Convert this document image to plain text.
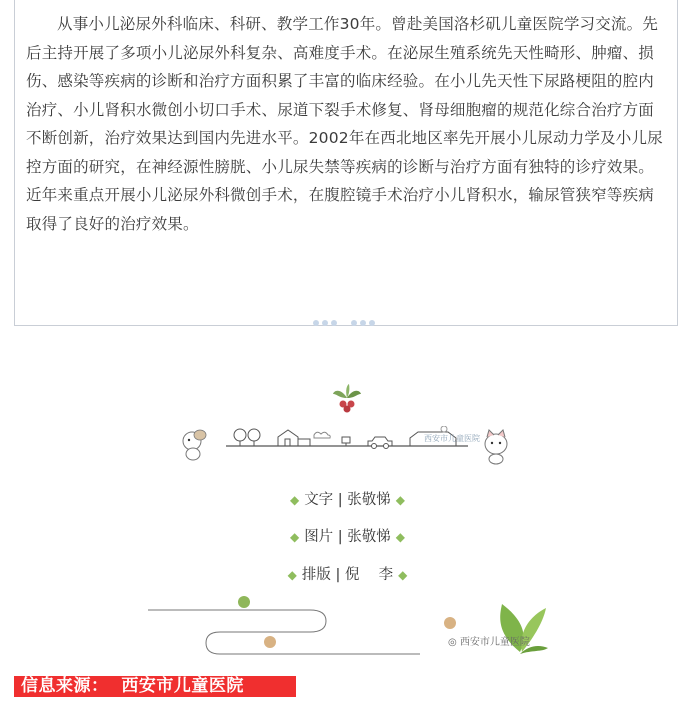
从事小儿泌尿外科临床、科研、教学工作30年。曾赴美国洛杉矶儿童医院学习交流。先后主持开展了多项小儿泌尿外科复杂、高难度手术。在泌尿生殖系统先天性畸形、肿瘤、损伤、感染等疾病的诊断和治疗方面积累了丰富的临床经验。在小儿先天性下尿路梗阻的腔内治疗、小儿肾积水微创小切口手术、尿道下裂手术修复、肾母细胞瘤的规范化综合治疗方面不断创新，治疗效果达到国内先进水平。2002年在西北地区率先开展小儿尿动力学及小儿尿控方面的研究，在神经源性膀胱、小儿尿失禁等疾病的诊断与治疗方面有独特的诊疗效果。近年来重点开展小儿泌尿外科微创手术，在腹腔镜手术治疗小儿肾积水，输尿管狭窄等疾病取得了良好的治疗效果。

西安市儿童医院
◆ 文字 | 张敬悌 ◆
◆ 图片 | 张敬悌 ◆
◆ 排版 | 倪　 李 ◆
◎ 西安市儿童医院
信息来源：  西安市儿童医院
